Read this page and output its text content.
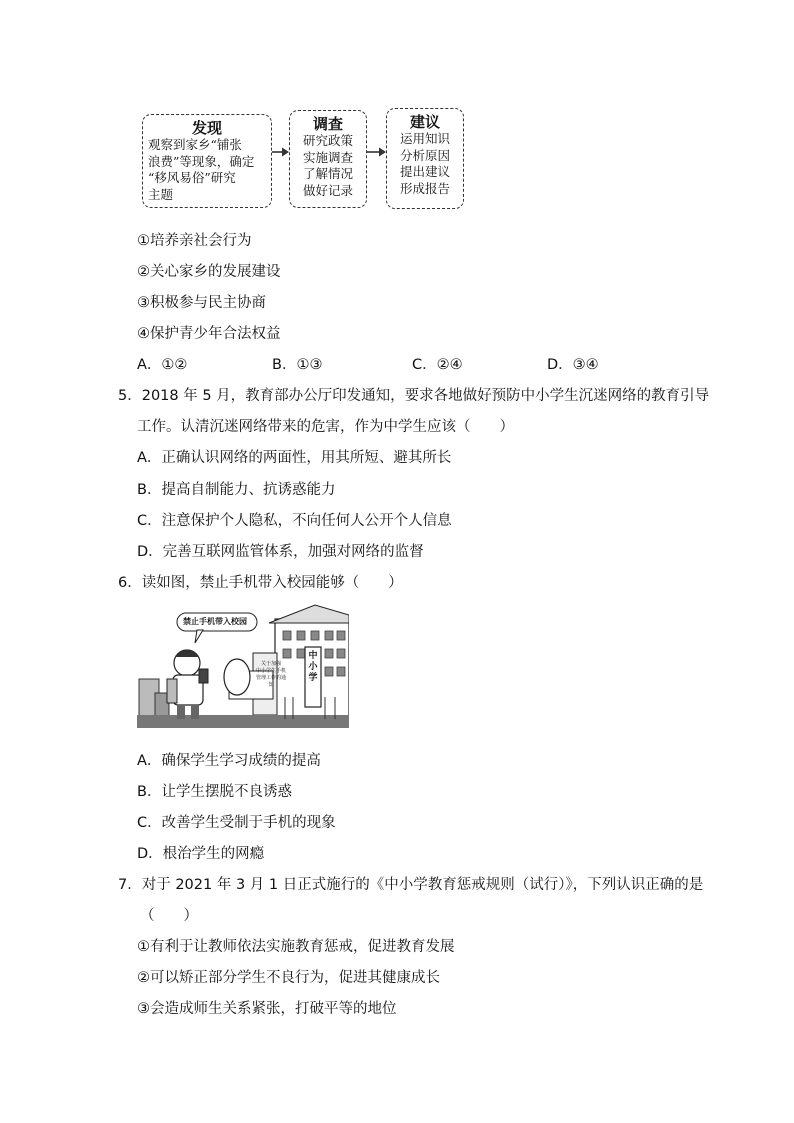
发现
观察到家乡“铺张
浪费”等现象，确定
“移风易俗”研究
主题
调查
研究政策
实施调查
了解情况
做好记录
建议
运用知识
分析原因
提出建议
形成报告
①培养亲社会行为
②关心家乡的发展建设
③积极参与民主协商
④保护青少年合法权益
A．①②	B．①③	C．②④	D．③④
5．2018 年 5 月，教育部办公厅印发通知，要求各地做好预防中小学生沉迷网络的教育引导
工作。认清沉迷网络带来的危害，作为中学生应该（　　）
A．正确认识网络的两面性，用其所短、避其所长
B．提高自制能力、抗诱惑能力
C．注意保护个人隐私，不向任何人公开个人信息
D．完善互联网监管体系，加强对网络的监督
6．读如图，禁止手机带入校园能够（　　）
禁止手机带入校园
关于加强
中小学生手机
管理工作的通知
中小学
A．确保学生学习成绩的提高
B．让学生摆脱不良诱惑
C．改善学生受制于手机的现象
D．根治学生的网瘾
7．对于 2021 年 3 月 1 日正式施行的《中小学教育惩戒规则（试行）》，下列认识正确的是
（　　）
①有利于让教师依法实施教育惩戒，促进教育发展
②可以矫正部分学生不良行为，促进其健康成长
③会造成师生关系紧张，打破平等的地位
